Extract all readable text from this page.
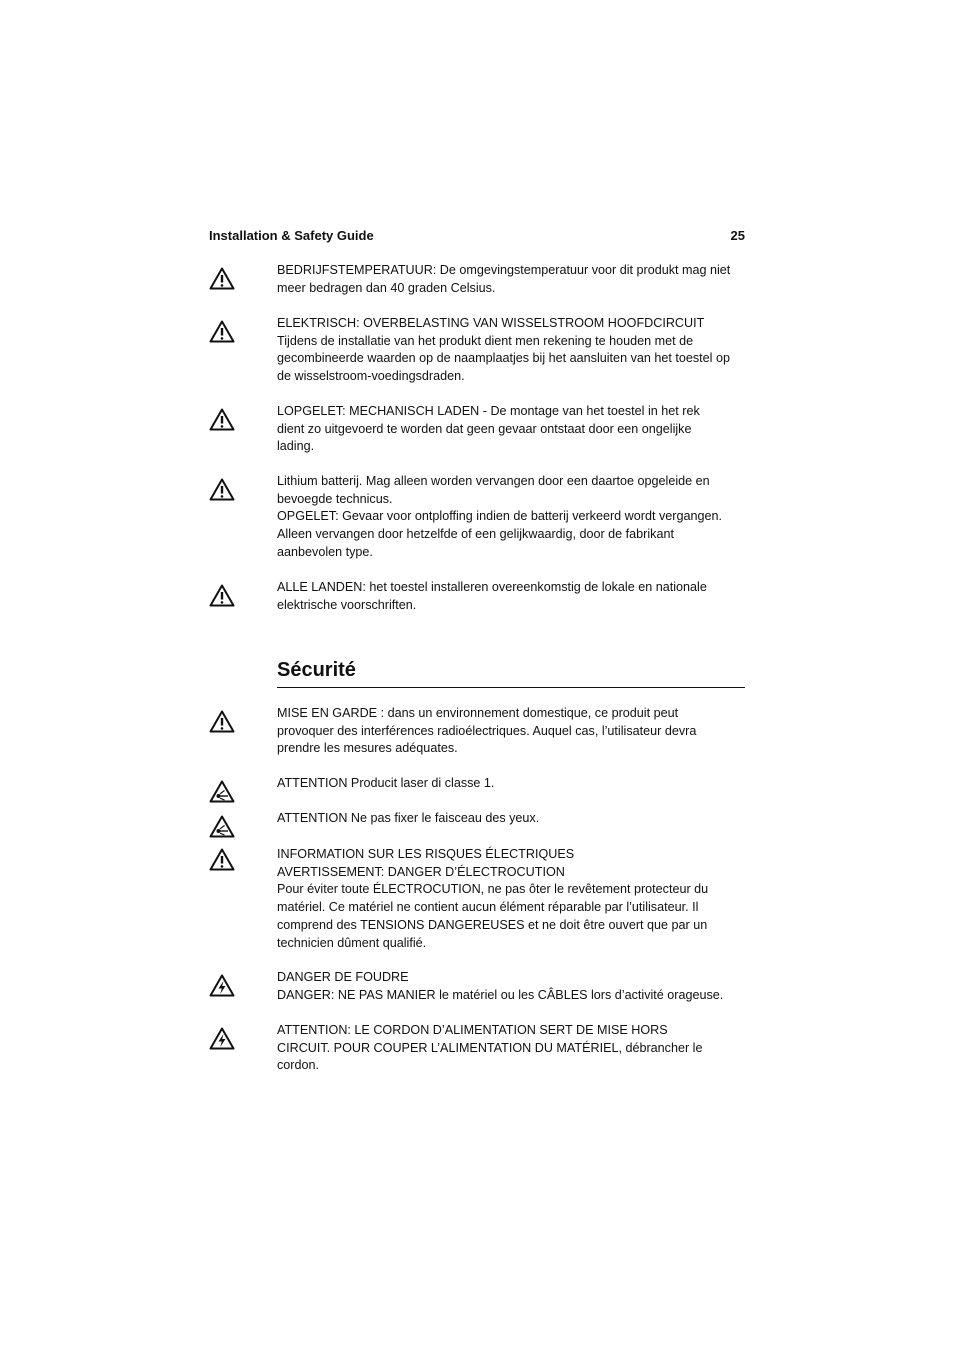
Installation & Safety Guide	25
BEDRIJFSTEMPERATUUR: De omgevingstemperatuur voor dit produkt mag niet
meer bedragen dan 40 graden Celsius.
ELEKTRISCH: OVERBELASTING VAN WISSELSTROOM HOOFDCIRCUIT
Tijdens de installatie van het produkt dient men rekening te houden met de
gecombineerde waarden op de naamplaatjes bij het aansluiten van het toestel op
de wisselstroom-voedingsdraden.
LOPGELET: MECHANISCH LADEN - De montage van het toestel in het rek
dient zo uitgevoerd te worden dat geen gevaar ontstaat door een ongelijke
lading.
Lithium batterij. Mag alleen worden vervangen door een daartoe opgeleide en
bevoegde technicus.
OPGELET: Gevaar voor ontploffing indien de batterij verkeerd wordt vergangen.
Alleen vervangen door hetzelfde of een gelijkwaardig, door de fabrikant
aanbevolen type.
ALLE LANDEN: het toestel installeren overeenkomstig de lokale en nationale
elektrische voorschriften.
Sécurité
MISE EN GARDE : dans un environnement domestique, ce produit peut
provoquer des interférences radioélectriques. Auquel cas, l’utilisateur devra
prendre les mesures adéquates.
ATTENTION Producit laser di classe 1.
ATTENTION Ne pas fixer le faisceau des yeux.
INFORMATION SUR LES RISQUES ÉLECTRIQUES
AVERTISSEMENT: DANGER D’ÉLECTROCUTION
Pour éviter toute ÉLECTROCUTION, ne pas ôter le revêtement protecteur du
matériel. Ce matériel ne contient aucun élément réparable par l’utilisateur. Il
comprend des TENSIONS DANGEREUSES et ne doit être ouvert que par un
technicien dûment qualifié.
DANGER DE FOUDRE
DANGER: NE PAS MANIER le matériel ou les CÂBLES lors d’activité orageuse.
ATTENTION: LE CORDON D’ALIMENTATION SERT DE MISE HORS
CIRCUIT. POUR COUPER L’ALIMENTATION DU MATÉRIEL, débrancher le
cordon.
